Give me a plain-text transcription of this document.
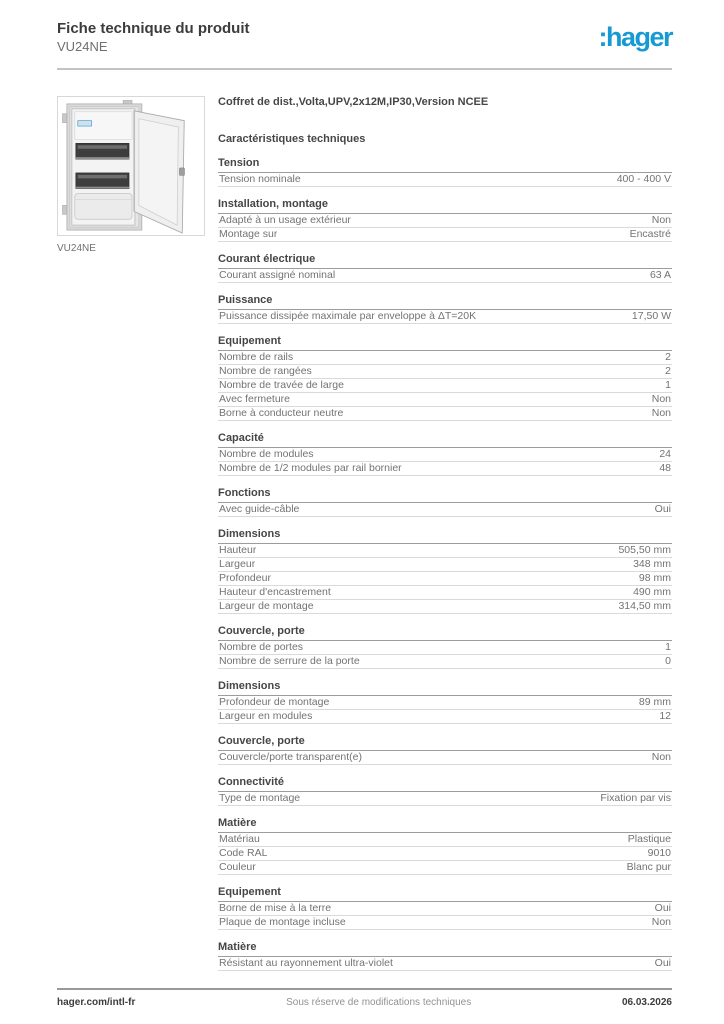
Fiche technique du produit
VU24NE	:hager
VU24NE
Coffret de dist.,Volta,UPV,2x12M,IP30,Version NCEE
Caractéristiques techniques
Tension
Tension nominale	400 - 400 V
Installation, montage
Adapté à un usage extérieur	Non
Montage sur	Encastré
Courant électrique
Courant assigné nominal	63 A
Puissance
Puissance dissipée maximale par enveloppe à ΔT=20K	17,50 W
Equipement
Nombre de rails	2
Nombre de rangées	2
Nombre de travée de large	1
Avec fermeture	Non
Borne à conducteur neutre	Non
Capacité
Nombre de modules	24
Nombre de 1/2 modules par rail bornier	48
Fonctions
Avec guide-câble	Oui
Dimensions
Hauteur	505,50 mm
Largeur	348 mm
Profondeur	98 mm
Hauteur d'encastrement	490 mm
Largeur de montage	314,50 mm
Couvercle, porte
Nombre de portes	1
Nombre de serrure de la porte	0
Dimensions
Profondeur de montage	89 mm
Largeur en modules	12
Couvercle, porte
Couvercle/porte transparent(e)	Non
Connectivité
Type de montage	Fixation par vis
Matière
Matériau	Plastique
Code RAL	9010
Couleur	Blanc pur
Equipement
Borne de mise à la terre	Oui
Plaque de montage incluse	Non
Matière
Résistant au rayonnement ultra-violet	Oui
hager.com/intl-fr	Sous réserve de modifications techniques	06.03.2026
